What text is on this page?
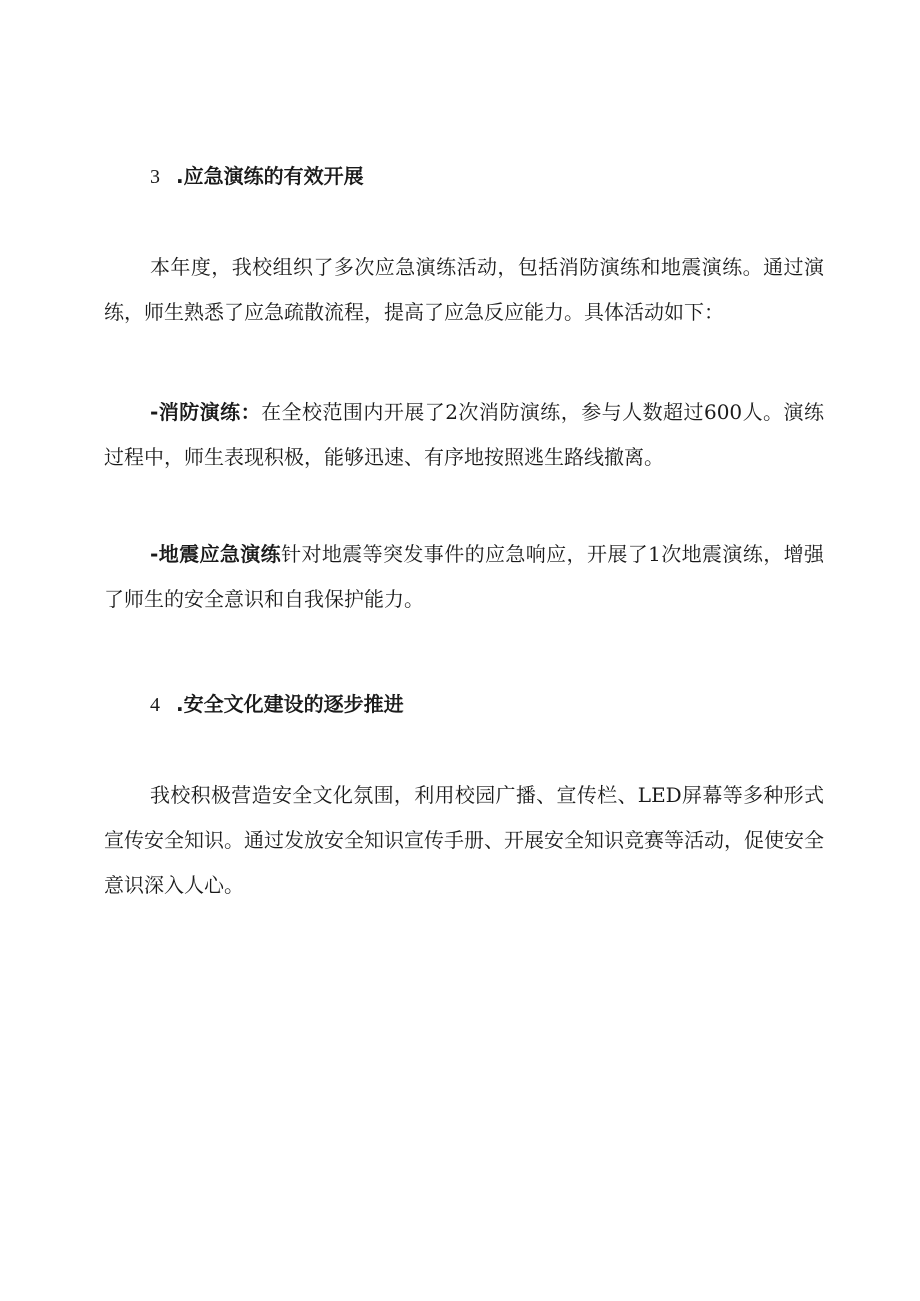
3 .应急演练的有效开展
本年度，我校组织了多次应急演练活动，包括消防演练和地震演练。通过演练，师生熟悉了应急疏散流程，提高了应急反应能力。具体活动如下：
-消防演练：在全校范围内开展了2次消防演练，参与人数超过600人。演练过程中，师生表现积极，能够迅速、有序地按照逃生路线撤离。
-地震应急演练针对地震等突发事件的应急响应，开展了1次地震演练，增强了师生的安全意识和自我保护能力。
4 .安全文化建设的逐步推进
我校积极营造安全文化氛围，利用校园广播、宣传栏、LED屏幕等多种形式宣传安全知识。通过发放安全知识宣传手册、开展安全知识竞赛等活动，促使安全意识深入人心。
